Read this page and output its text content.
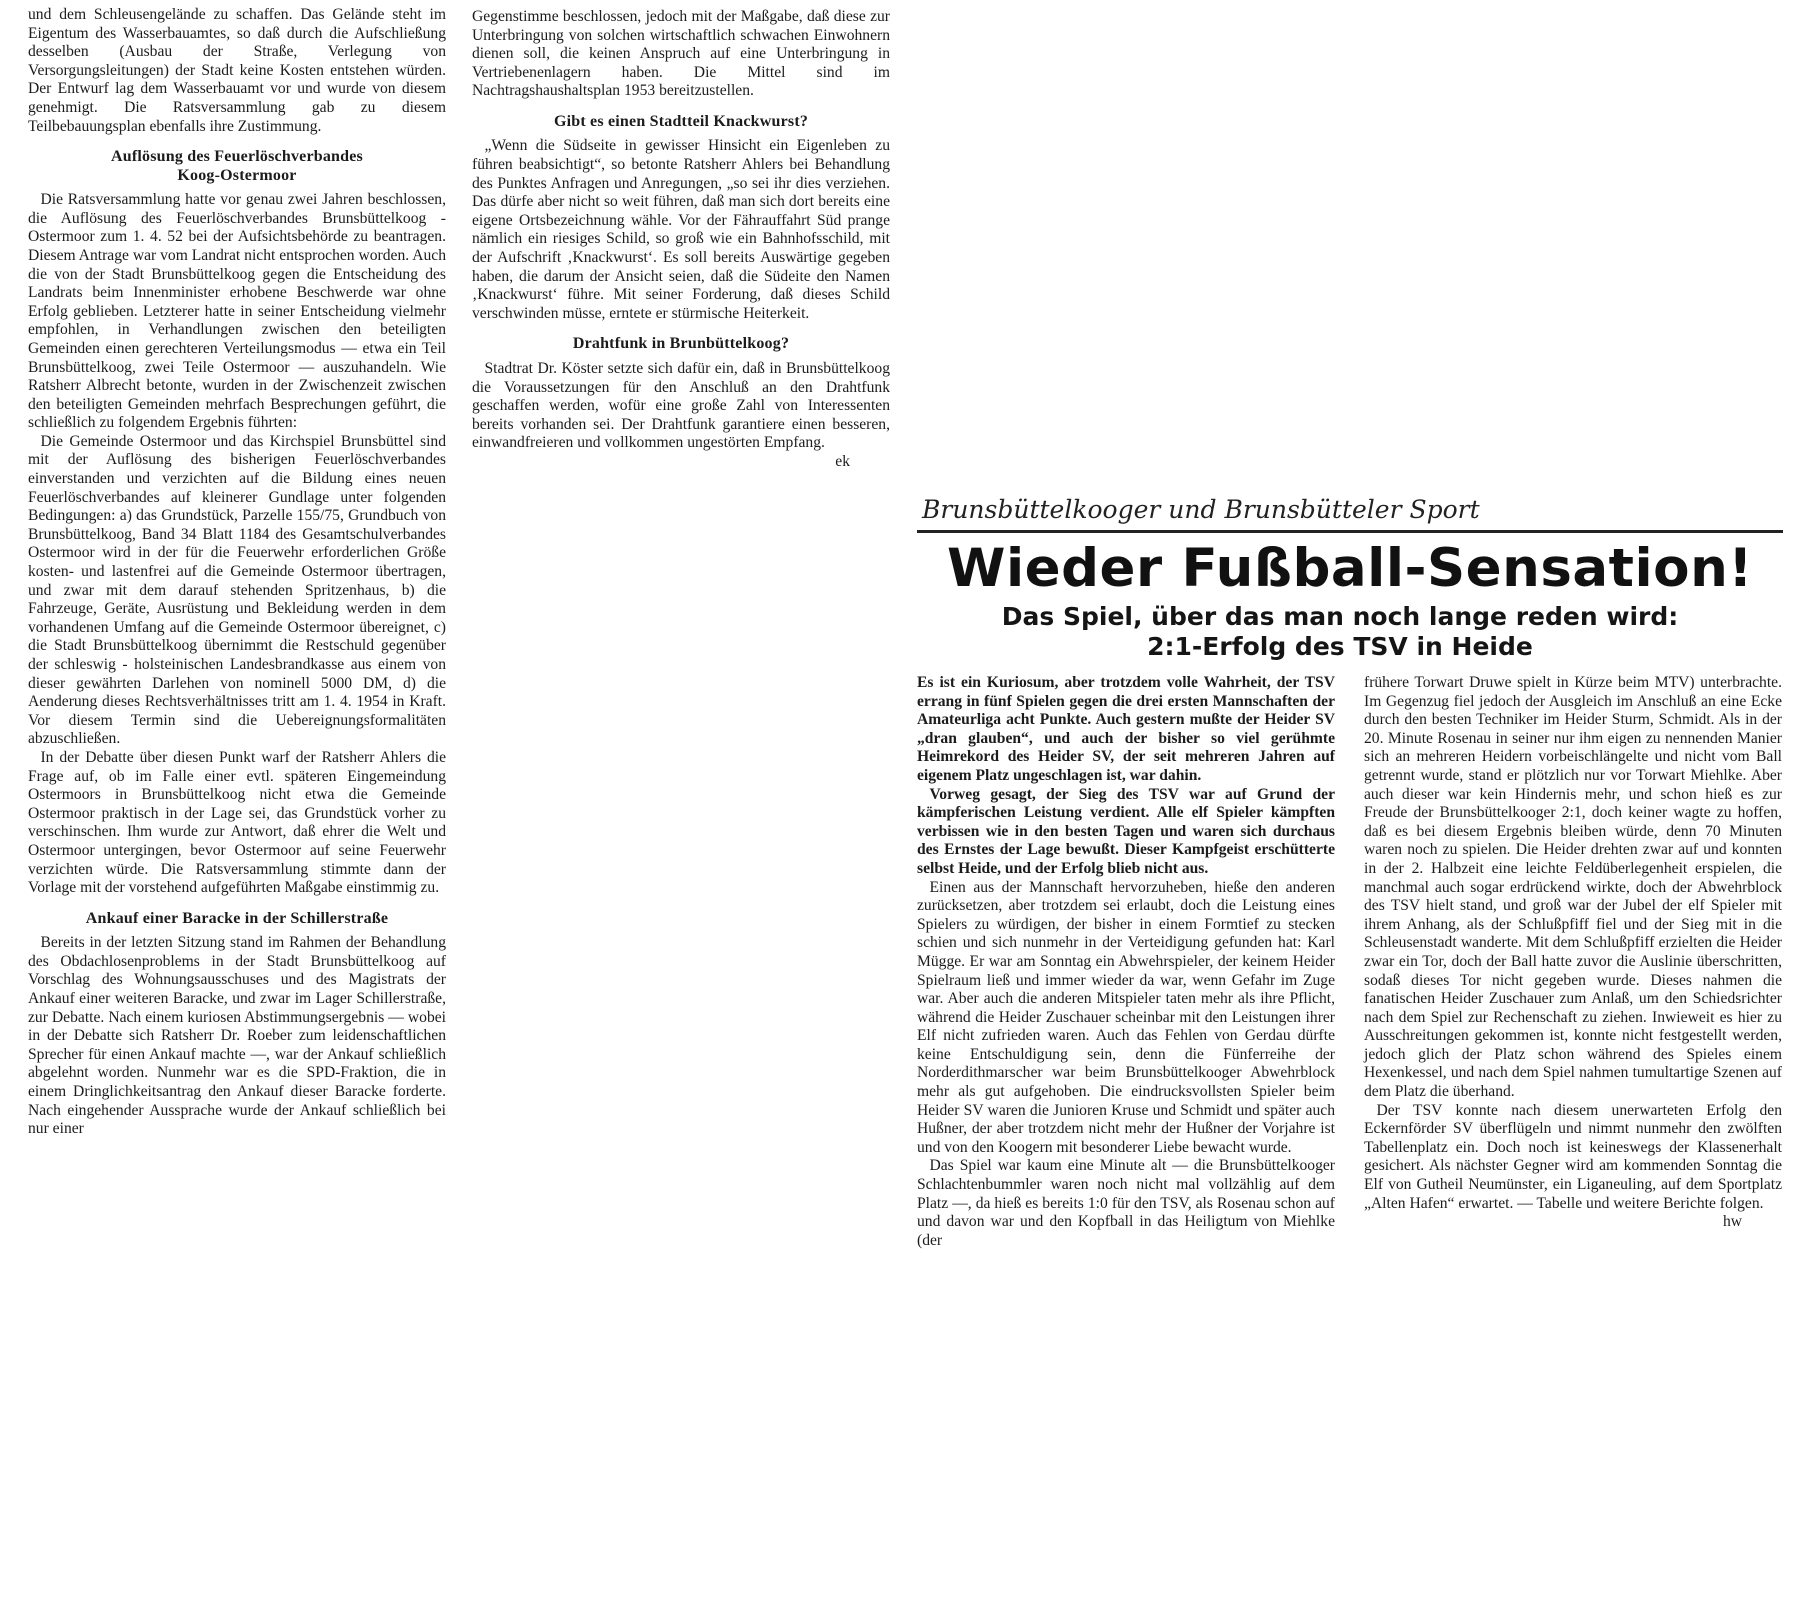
und dem Schleusengelände zu schaffen. Das Gelände steht im Eigentum des Wasserbauamtes, so daß durch die Aufschließung desselben (Ausbau der Straße, Verlegung von Versorgungsleitungen) der Stadt keine Kosten entstehen würden. Der Entwurf lag dem Wasserbauamt vor und wurde von diesem genehmigt. Die Ratsversammlung gab zu diesem Teilbebauungsplan ebenfalls ihre Zustimmung.

Auflösung des Feuerlöschverbandes
Koog-Ostermoor

Die Ratsversammlung hatte vor genau zwei Jahren beschlossen, die Auflösung des Feuerlöschverbandes Brunsbüttelkoog - Ostermoor zum 1. 4. 52 bei der Aufsichtsbehörde zu beantragen. Diesem Antrage war vom Landrat nicht entsprochen worden. Auch die von der Stadt Brunsbüttelkoog gegen die Entscheidung des Landrats beim Innenminister erhobene Beschwerde war ohne Erfolg geblieben. Letzterer hatte in seiner Entscheidung vielmehr empfohlen, in Verhandlungen zwischen den beteiligten Gemeinden einen gerechteren Verteilungsmodus — etwa ein Teil Brunsbüttelkoog, zwei Teile Ostermoor — auszuhandeln. Wie Ratsherr Albrecht betonte, wurden in der Zwischenzeit zwischen den beteiligten Gemeinden mehrfach Besprechungen geführt, die schließlich zu folgendem Ergebnis führten:

Die Gemeinde Ostermoor und das Kirchspiel Brunsbüttel sind mit der Auflösung des bisherigen Feuerlöschverbandes einverstanden und verzichten auf die Bildung eines neuen Feuerlöschverbandes auf kleinerer Gundlage unter folgenden Bedingungen: a) das Grundstück, Parzelle 155/75, Grundbuch von Brunsbüttelkoog, Band 34 Blatt 1184 des Gesamtschulverbandes Ostermoor wird in der für die Feuerwehr erforderlichen Größe kosten- und lastenfrei auf die Gemeinde Ostermoor übertragen, und zwar mit dem darauf stehenden Spritzenhaus, b) die Fahrzeuge, Geräte, Ausrüstung und Bekleidung werden in dem vorhandenen Umfang auf die Gemeinde Ostermoor übereignet, c) die Stadt Brunsbüttelkoog übernimmt die Restschuld gegenüber der schleswig - holsteinischen Landesbrandkasse aus einem von dieser gewährten Darlehen von nominell 5000 DM, d) die Aenderung dieses Rechtsverhältnisses tritt am 1. 4. 1954 in Kraft. Vor diesem Termin sind die Uebereignungsformalitäten abzuschließen.

In der Debatte über diesen Punkt warf der Ratsherr Ahlers die Frage auf, ob im Falle einer evtl. späteren Eingemeindung Ostermoors in Brunsbüttelkoog nicht etwa die Gemeinde Ostermoor praktisch in der Lage sei, das Grundstück vorher zu verschinschen. Ihm wurde zur Antwort, daß ehrer die Welt und Ostermoor untergingen, bevor Ostermoor auf seine Feuerwehr verzichten würde. Die Ratsversammlung stimmte dann der Vorlage mit der vorstehend aufgeführten Maßgabe einstimmig zu.

Ankauf einer Baracke in der Schillerstraße

Bereits in der letzten Sitzung stand im Rahmen der Behandlung des Obdachlosenproblems in der Stadt Brunsbüttelkoog auf Vorschlag des Wohnungsausschuses und des Magistrats der Ankauf einer weiteren Baracke, und zwar im Lager Schillerstraße, zur Debatte. Nach einem kuriosen Abstimmungsergebnis — wobei in der Debatte sich Ratsherr Dr. Roeber zum leidenschaftlichen Sprecher für einen Ankauf machte —, war der Ankauf schließlich abgelehnt worden. Nunmehr war es die SPD-Fraktion, die in einem Dringlichkeitsantrag den Ankauf dieser Baracke forderte. Nach eingehender Aussprache wurde der Ankauf schließlich bei nur einer

Gegenstimme beschlossen, jedoch mit der Maßgabe, daß diese zur Unterbringung von solchen wirtschaftlich schwachen Einwohnern dienen soll, die keinen Anspruch auf eine Unterbringung in Vertriebenenlagern haben. Die Mittel sind im Nachtragshaushaltsplan 1953 bereitzustellen.

Gibt es einen Stadtteil Knackwurst?

„Wenn die Südseite in gewisser Hinsicht ein Eigenleben zu führen beabsichtigt“, so betonte Ratsherr Ahlers bei Behandlung des Punktes Anfragen und Anregungen, „so sei ihr dies verziehen. Das dürfe aber nicht so weit führen, daß man sich dort bereits eine eigene Ortsbezeichnung wähle. Vor der Fährauffahrt Süd prange nämlich ein riesiges Schild, so groß wie ein Bahnhofsschild, mit der Aufschrift ‚Knackwurst‘. Es soll bereits Auswärtige gegeben haben, die darum der Ansicht seien, daß die Südeite den Namen ‚Knackwurst‘ führe. Mit seiner Forderung, daß dieses Schild verschwinden müsse, erntete er stürmische Heiterkeit.

Drahtfunk in Brunbüttelkoog?

Stadtrat Dr. Köster setzte sich dafür ein, daß in Brunsbüttelkoog die Voraussetzungen für den Anschluß an den Drahtfunk geschaffen werden, wofür eine große Zahl von Interessenten bereits vorhanden sei. Der Drahtfunk garantiere einen besseren, einwandfreieren und vollkommen ungestörten Empfang.

ek
Brunsbüttelkooger und Brunsbütteler Sport
Wieder Fußball-Sensation!
Das Spiel, über das man noch lange reden wird:
2:1-Erfolg des TSV in Heide

Es ist ein Kuriosum, aber trotzdem volle Wahrheit, der TSV errang in fünf Spielen gegen die drei ersten Mannschaften der Amateurliga acht Punkte. Auch gestern mußte der Heider SV „dran glauben“, und auch der bisher so viel gerühmte Heimrekord des Heider SV, der seit mehreren Jahren auf eigenem Platz ungeschlagen ist, war dahin.

Vorweg gesagt, der Sieg des TSV war auf Grund der kämpferischen Leistung verdient. Alle elf Spieler kämpften verbissen wie in den besten Tagen und waren sich durchaus des Ernstes der Lage bewußt. Dieser Kampfgeist erschütterte selbst Heide, und der Erfolg blieb nicht aus.

Einen aus der Mannschaft hervorzuheben, hieße den anderen zurücksetzen, aber trotzdem sei erlaubt, doch die Leistung eines Spielers zu würdigen, der bisher in einem Formtief zu stecken schien und sich nunmehr in der Verteidigung gefunden hat: Karl Mügge. Er war am Sonntag ein Abwehrspieler, der keinem Heider Spielraum ließ und immer wieder da war, wenn Gefahr im Zuge war. Aber auch die anderen Mitspieler taten mehr als ihre Pflicht, während die Heider Zuschauer scheinbar mit den Leistungen ihrer Elf nicht zufrieden waren. Auch das Fehlen von Gerdau dürfte keine Entschuldigung sein, denn die Fünferreihe der Norderdithmarscher war beim Brunsbüttelkooger Abwehrblock mehr als gut aufgehoben. Die eindrucksvollsten Spieler beim Heider SV waren die Junioren Kruse und Schmidt und später auch Hußner, der aber trotzdem nicht mehr der Hußner der Vorjahre ist und von den Koogern mit besonderer Liebe bewacht wurde.

Das Spiel war kaum eine Minute alt — die Brunsbüttelkooger Schlachtenbummler waren noch nicht mal vollzählig auf dem Platz —, da hieß es bereits 1:0 für den TSV, als Rosenau schon auf und davon war und den Kopfball in das Heiligtum von Miehlke (der

frühere Torwart Druwe spielt in Kürze beim MTV) unterbrachte. Im Gegenzug fiel jedoch der Ausgleich im Anschluß an eine Ecke durch den besten Techniker im Heider Sturm, Schmidt. Als in der 20. Minute Rosenau in seiner nur ihm eigen zu nennenden Manier sich an mehreren Heidern vorbeischlängelte und nicht vom Ball getrennt wurde, stand er plötzlich nur vor Torwart Miehlke. Aber auch dieser war kein Hindernis mehr, und schon hieß es zur Freude der Brunsbüttelkooger 2:1, doch keiner wagte zu hoffen, daß es bei diesem Ergebnis bleiben würde, denn 70 Minuten waren noch zu spielen. Die Heider drehten zwar auf und konnten in der 2. Halbzeit eine leichte Feldüberlegenheit erspielen, die manchmal auch sogar erdrückend wirkte, doch der Abwehrblock des TSV hielt stand, und groß war der Jubel der elf Spieler mit ihrem Anhang, als der Schlußpfiff fiel und der Sieg mit in die Schleusenstadt wanderte. Mit dem Schlußpfiff erzielten die Heider zwar ein Tor, doch der Ball hatte zuvor die Auslinie überschritten, sodaß dieses Tor nicht gegeben wurde. Dieses nahmen die fanatischen Heider Zuschauer zum Anlaß, um den Schiedsrichter nach dem Spiel zur Rechenschaft zu ziehen. Inwieweit es hier zu Ausschreitungen gekommen ist, konnte nicht festgestellt werden, jedoch glich der Platz schon während des Spieles einem Hexenkessel, und nach dem Spiel nahmen tumultartige Szenen auf dem Platz die überhand.

Der TSV konnte nach diesem unerwarteten Erfolg den Eckernförder SV überflügeln und nimmt nunmehr den zwölften Tabellenplatz ein. Doch noch ist keineswegs der Klassenerhalt gesichert. Als nächster Gegner wird am kommenden Sonntag die Elf von Gutheil Neumünster, ein Liganeuling, auf dem Sportplatz „Alten Hafen“ erwartet. — Tabelle und weitere Berichte folgen.

hw
